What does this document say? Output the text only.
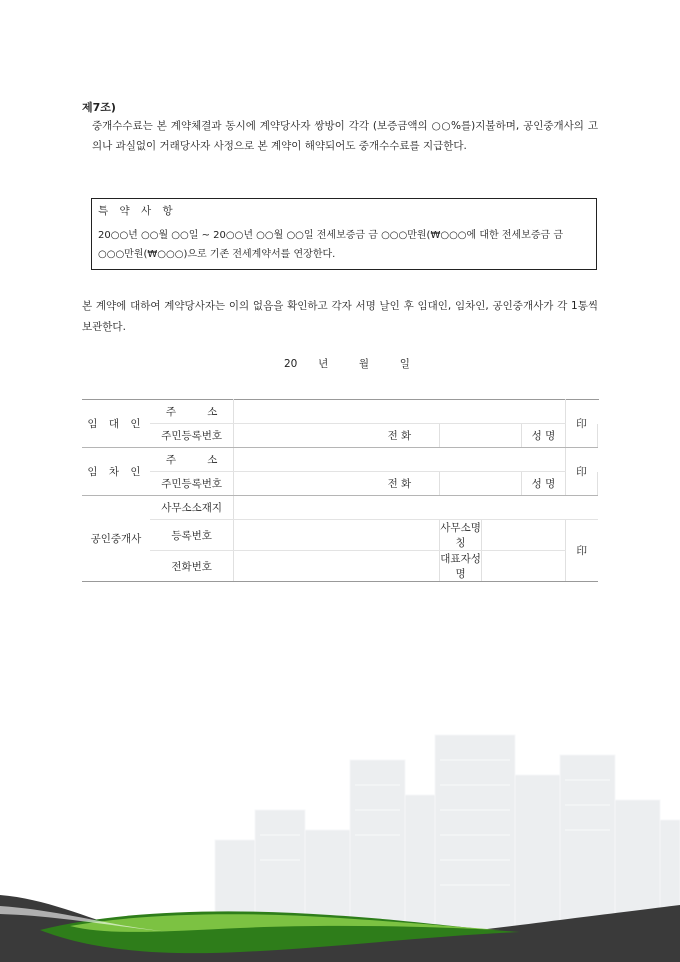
제7조)
중개수수료는 본 계약체결과 동시에 계약당사자 쌍방이 각각 (보증금액의 ○○%를)지불하며, 공인중개사의 고의나 과실없이 거래당사자 사정으로 본 계약이 해약되어도 중개수수료를 지급한다.
특 약 사 항
20○○년 ○○월 ○○일 ~ 20○○년 ○○월 ○○일 전세보증금 금 ○○○만원(₩○○○에 대한 전세보증금 금 ○○○만원(₩○○○)으로 기존 전세계약서를 연장한다.
본 계약에 대하여 계약당사자는 이의 없음을 확인하고 각자 서명 날인 후 임대인, 임차인, 공인중개사가 각 1통씩 보관한다.
20 년	월	일
임 대 인	주 소						印	
	주민등록번호		전 화			성 명		
임 차 인	주 소						印	
	주민등록번호		전 화			성 명		
공인중개사	사무소소재지							
	등록번호			사무소명칭			印	
	전화번호			대표자성명				
